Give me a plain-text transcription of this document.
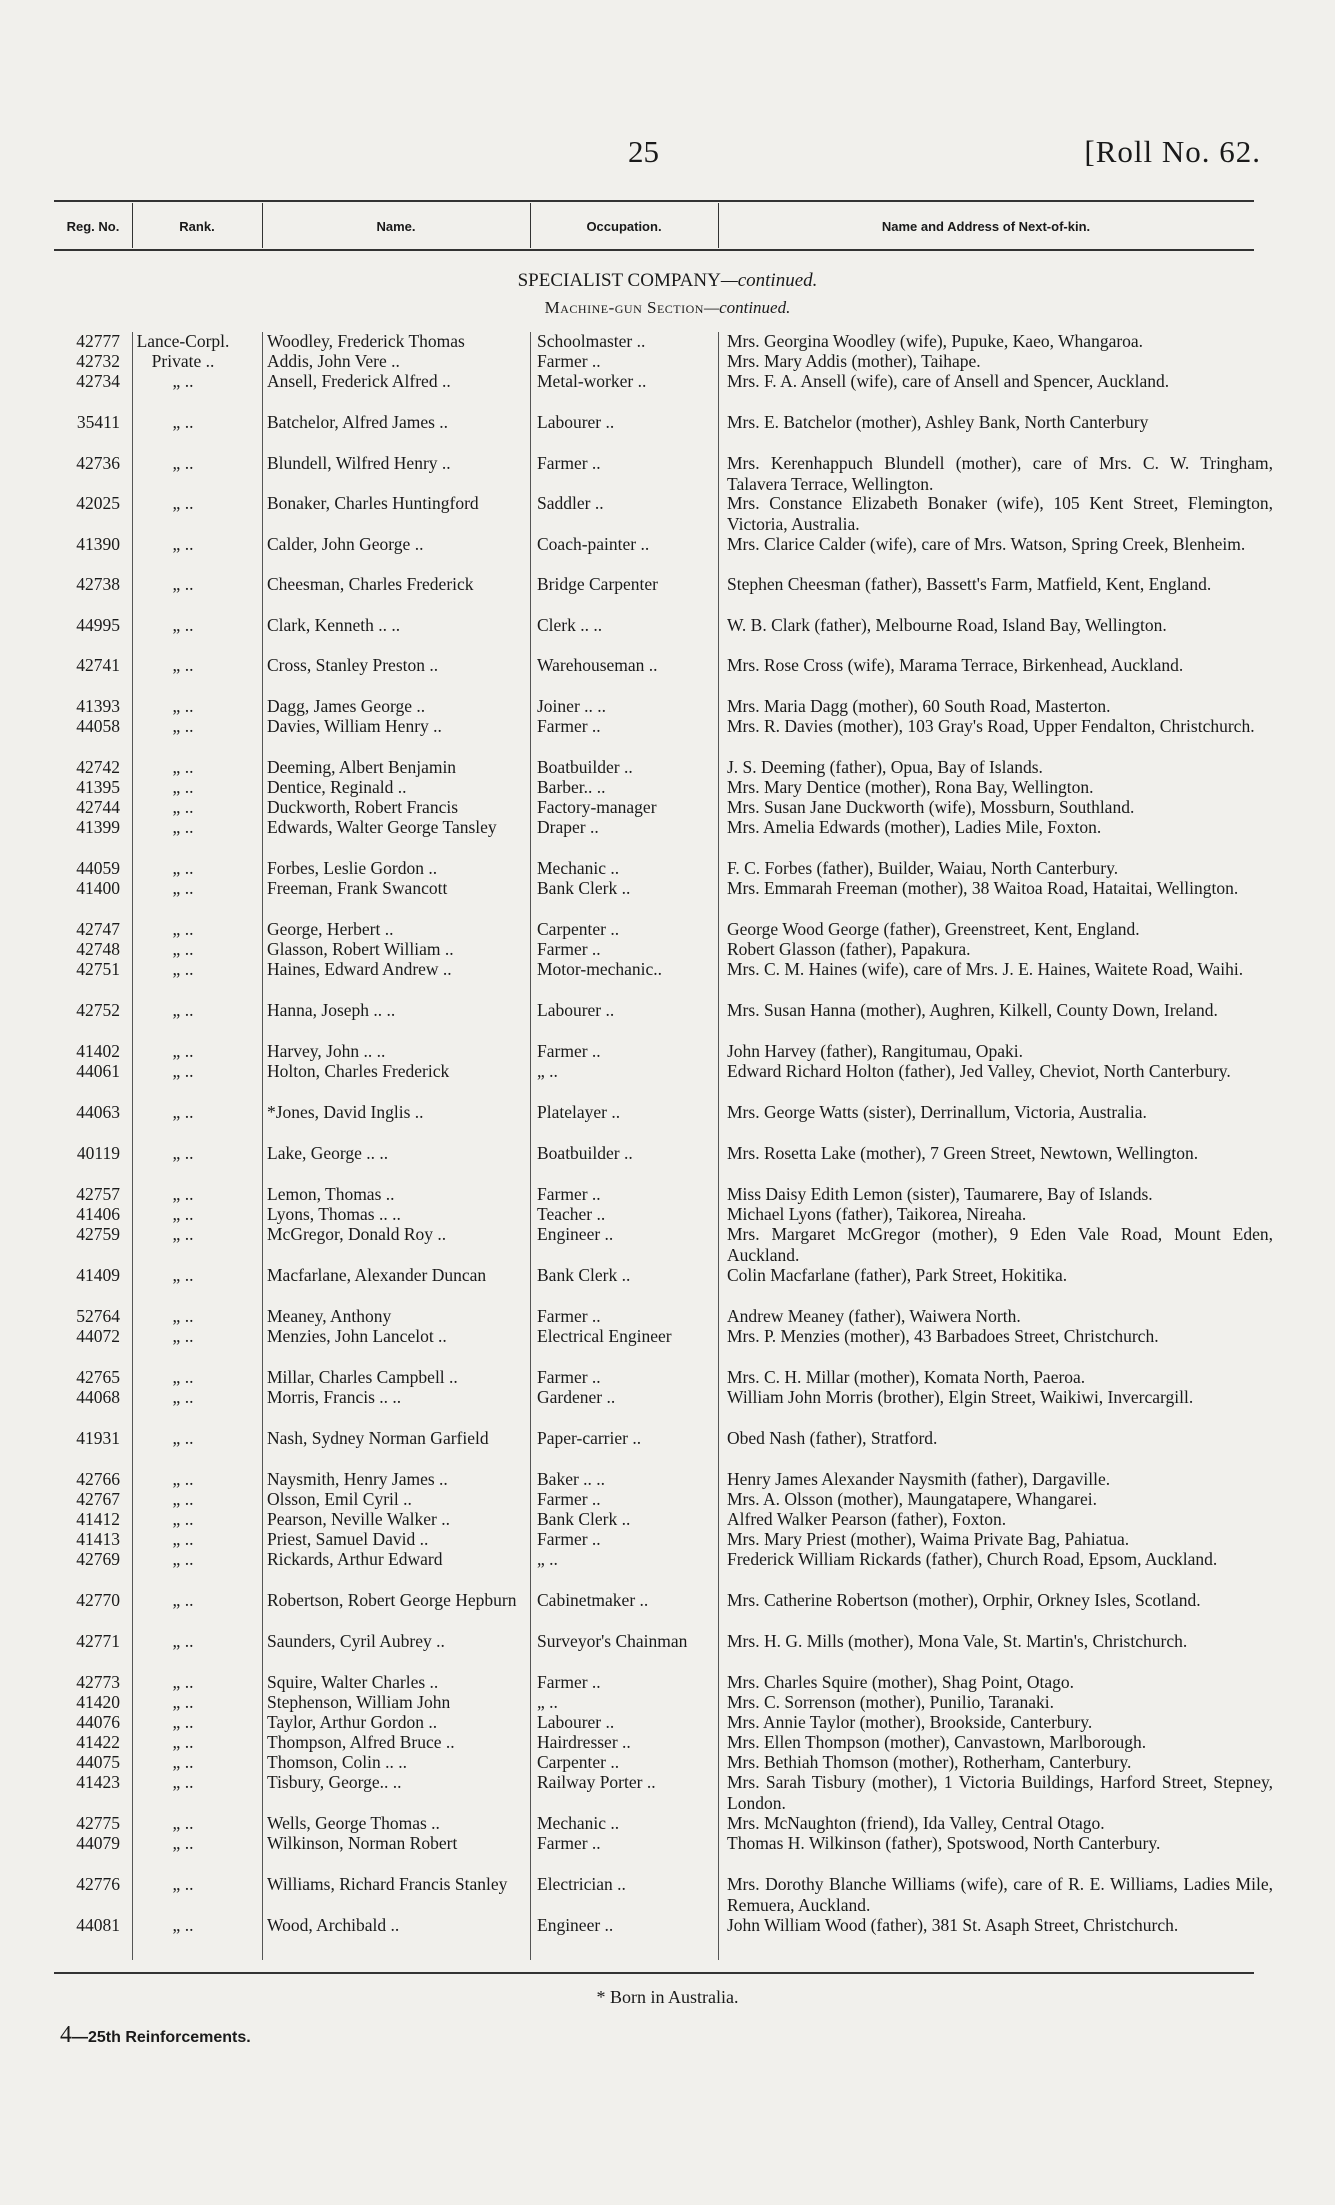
25	[Roll No. 62.
Reg. No.	Rank.	Name.	Occupation.	Name and Address of Next-of-kin.
SPECIALIST COMPANY—continued.
Machine-gun Section—continued.
42777 Lance-Corpl.	Woodley, Frederick Thomas	Schoolmaster ..	Mrs. Georgina Woodley (wife), Pupuke, Kaeo, Whangaroa.
42732	Private ..	Addis, John Vere ..	Farmer ..	Mrs. Mary Addis (mother), Taihape.
42734	„ ..	Ansell, Frederick Alfred ..	Metal-worker ..	Mrs. F. A. Ansell (wife), care of Ansell and Spencer, Auckland.
35411	„ ..	Batchelor, Alfred James ..	Labourer ..	Mrs. E. Batchelor (mother), Ashley Bank, North Canterbury
42736	„ ..	Blundell, Wilfred Henry ..	Farmer ..	Mrs. Kerenhappuch Blundell (mother), care of Mrs. C. W. Tringham, Talavera Terrace, Wellington.
42025	„ ..	Bonaker, Charles Huntingford	Saddler ..	Mrs. Constance Elizabeth Bonaker (wife), 105 Kent Street, Flemington, Victoria, Australia.
41390	„ ..	Calder, John George ..	Coach-painter ..	Mrs. Clarice Calder (wife), care of Mrs. Watson, Spring Creek, Blenheim.
42738	„ ..	Cheesman, Charles Frederick	Bridge Carpenter	Stephen Cheesman (father), Bassett's Farm, Matfield, Kent, England.
44995	„ ..	Clark, Kenneth .. ..	Clerk .. ..	W. B. Clark (father), Melbourne Road, Island Bay, Wellington.
42741	„ ..	Cross, Stanley Preston ..	Warehouseman ..	Mrs. Rose Cross (wife), Marama Terrace, Birkenhead, Auckland.
41393	„ ..	Dagg, James George ..	Joiner .. ..	Mrs. Maria Dagg (mother), 60 South Road, Masterton.
44058	„ ..	Davies, William Henry ..	Farmer ..	Mrs. R. Davies (mother), 103 Gray's Road, Upper Fendalton, Christchurch.
42742	„ ..	Deeming, Albert Benjamin	Boatbuilder ..	J. S. Deeming (father), Opua, Bay of Islands.
41395	„ ..	Dentice, Reginald ..	Barber.. ..	Mrs. Mary Dentice (mother), Rona Bay, Wellington.
42744	„ ..	Duckworth, Robert Francis	Factory-manager	Mrs. Susan Jane Duckworth (wife), Mossburn, Southland.
41399	„ ..	Edwards, Walter George Tansley	Draper ..	Mrs. Amelia Edwards (mother), Ladies Mile, Foxton.
44059	„ ..	Forbes, Leslie Gordon ..	Mechanic ..	F. C. Forbes (father), Builder, Waiau, North Canterbury.
41400	„ ..	Freeman, Frank Swancott	Bank Clerk ..	Mrs. Emmarah Freeman (mother), 38 Waitoa Road, Hataitai, Wellington.
42747	„ ..	George, Herbert ..	Carpenter ..	George Wood George (father), Greenstreet, Kent, England.
42748	„ ..	Glasson, Robert William ..	Farmer ..	Robert Glasson (father), Papakura.
42751	„ ..	Haines, Edward Andrew ..	Motor-mechanic..	Mrs. C. M. Haines (wife), care of Mrs. J. E. Haines, Waitete Road, Waihi.
42752	„ ..	Hanna, Joseph .. ..	Labourer ..	Mrs. Susan Hanna (mother), Aughren, Kilkell, County Down, Ireland.
41402	„ ..	Harvey, John .. ..	Farmer ..	John Harvey (father), Rangitumau, Opaki.
44061	„ ..	Holton, Charles Frederick	„ ..	Edward Richard Holton (father), Jed Valley, Cheviot, North Canterbury.
44063	„ ..	*Jones, David Inglis ..	Platelayer ..	Mrs. George Watts (sister), Derrinallum, Victoria, Australia.
40119	„ ..	Lake, George .. ..	Boatbuilder ..	Mrs. Rosetta Lake (mother), 7 Green Street, Newtown, Wellington.
42757	„ ..	Lemon, Thomas ..	Farmer ..	Miss Daisy Edith Lemon (sister), Taumarere, Bay of Islands.
41406	„ ..	Lyons, Thomas .. ..	Teacher ..	Michael Lyons (father), Taikorea, Nireaha.
42759	„ ..	McGregor, Donald Roy ..	Engineer ..	Mrs. Margaret McGregor (mother), 9 Eden Vale Road, Mount Eden, Auckland.
41409	„ ..	Macfarlane, Alexander Duncan	Bank Clerk ..	Colin Macfarlane (father), Park Street, Hokitika.
52764	„ ..	Meaney, Anthony	Farmer ..	Andrew Meaney (father), Waiwera North.
44072	„ ..	Menzies, John Lancelot ..	Electrical Engineer	Mrs. P. Menzies (mother), 43 Barbadoes Street, Christchurch.
42765	„ ..	Millar, Charles Campbell ..	Farmer ..	Mrs. C. H. Millar (mother), Komata North, Paeroa.
44068	„ ..	Morris, Francis .. ..	Gardener ..	William John Morris (brother), Elgin Street, Waikiwi, Invercargill.
41931	„ ..	Nash, Sydney Norman Garfield	Paper-carrier ..	Obed Nash (father), Stratford.
42766	„ ..	Naysmith, Henry James ..	Baker .. ..	Henry James Alexander Naysmith (father), Dargaville.
42767	„ ..	Olsson, Emil Cyril ..	Farmer ..	Mrs. A. Olsson (mother), Maungatapere, Whangarei.
41412	„ ..	Pearson, Neville Walker ..	Bank Clerk ..	Alfred Walker Pearson (father), Foxton.
41413	„ ..	Priest, Samuel David ..	Farmer ..	Mrs. Mary Priest (mother), Waima Private Bag, Pahiatua.
42769	„ ..	Rickards, Arthur Edward	„ ..	Frederick William Rickards (father), Church Road, Epsom, Auckland.
42770	„ ..	Robertson, Robert George Hepburn	Cabinetmaker ..	Mrs. Catherine Robertson (mother), Orphir, Orkney Isles, Scotland.
42771	„ ..	Saunders, Cyril Aubrey ..	Surveyor's Chainman	Mrs. H. G. Mills (mother), Mona Vale, St. Martin's, Christchurch.
42773	„ ..	Squire, Walter Charles ..	Farmer ..	Mrs. Charles Squire (mother), Shag Point, Otago.
41420	„ ..	Stephenson, William John	„ ..	Mrs. C. Sorrenson (mother), Punilio, Taranaki.
44076	„ ..	Taylor, Arthur Gordon ..	Labourer ..	Mrs. Annie Taylor (mother), Brookside, Canterbury.
41422	„ ..	Thompson, Alfred Bruce ..	Hairdresser ..	Mrs. Ellen Thompson (mother), Canvastown, Marlborough.
44075	„ ..	Thomson, Colin .. ..	Carpenter ..	Mrs. Bethiah Thomson (mother), Rotherham, Canterbury.
41423	„ ..	Tisbury, George.. ..	Railway Porter ..	Mrs. Sarah Tisbury (mother), 1 Victoria Buildings, Harford Street, Stepney, London.
42775	„ ..	Wells, George Thomas ..	Mechanic ..	Mrs. McNaughton (friend), Ida Valley, Central Otago.
44079	„ ..	Wilkinson, Norman Robert	Farmer ..	Thomas H. Wilkinson (father), Spotswood, North Canterbury.
42776	„ ..	Williams, Richard Francis Stanley	Electrician ..	Mrs. Dorothy Blanche Williams (wife), care of R. E. Williams, Ladies Mile, Remuera, Auckland.
44081	„ ..	Wood, Archibald ..	Engineer ..	John William Wood (father), 381 St. Asaph Street, Christchurch.
* Born in Australia.
4—25th Reinforcements.
